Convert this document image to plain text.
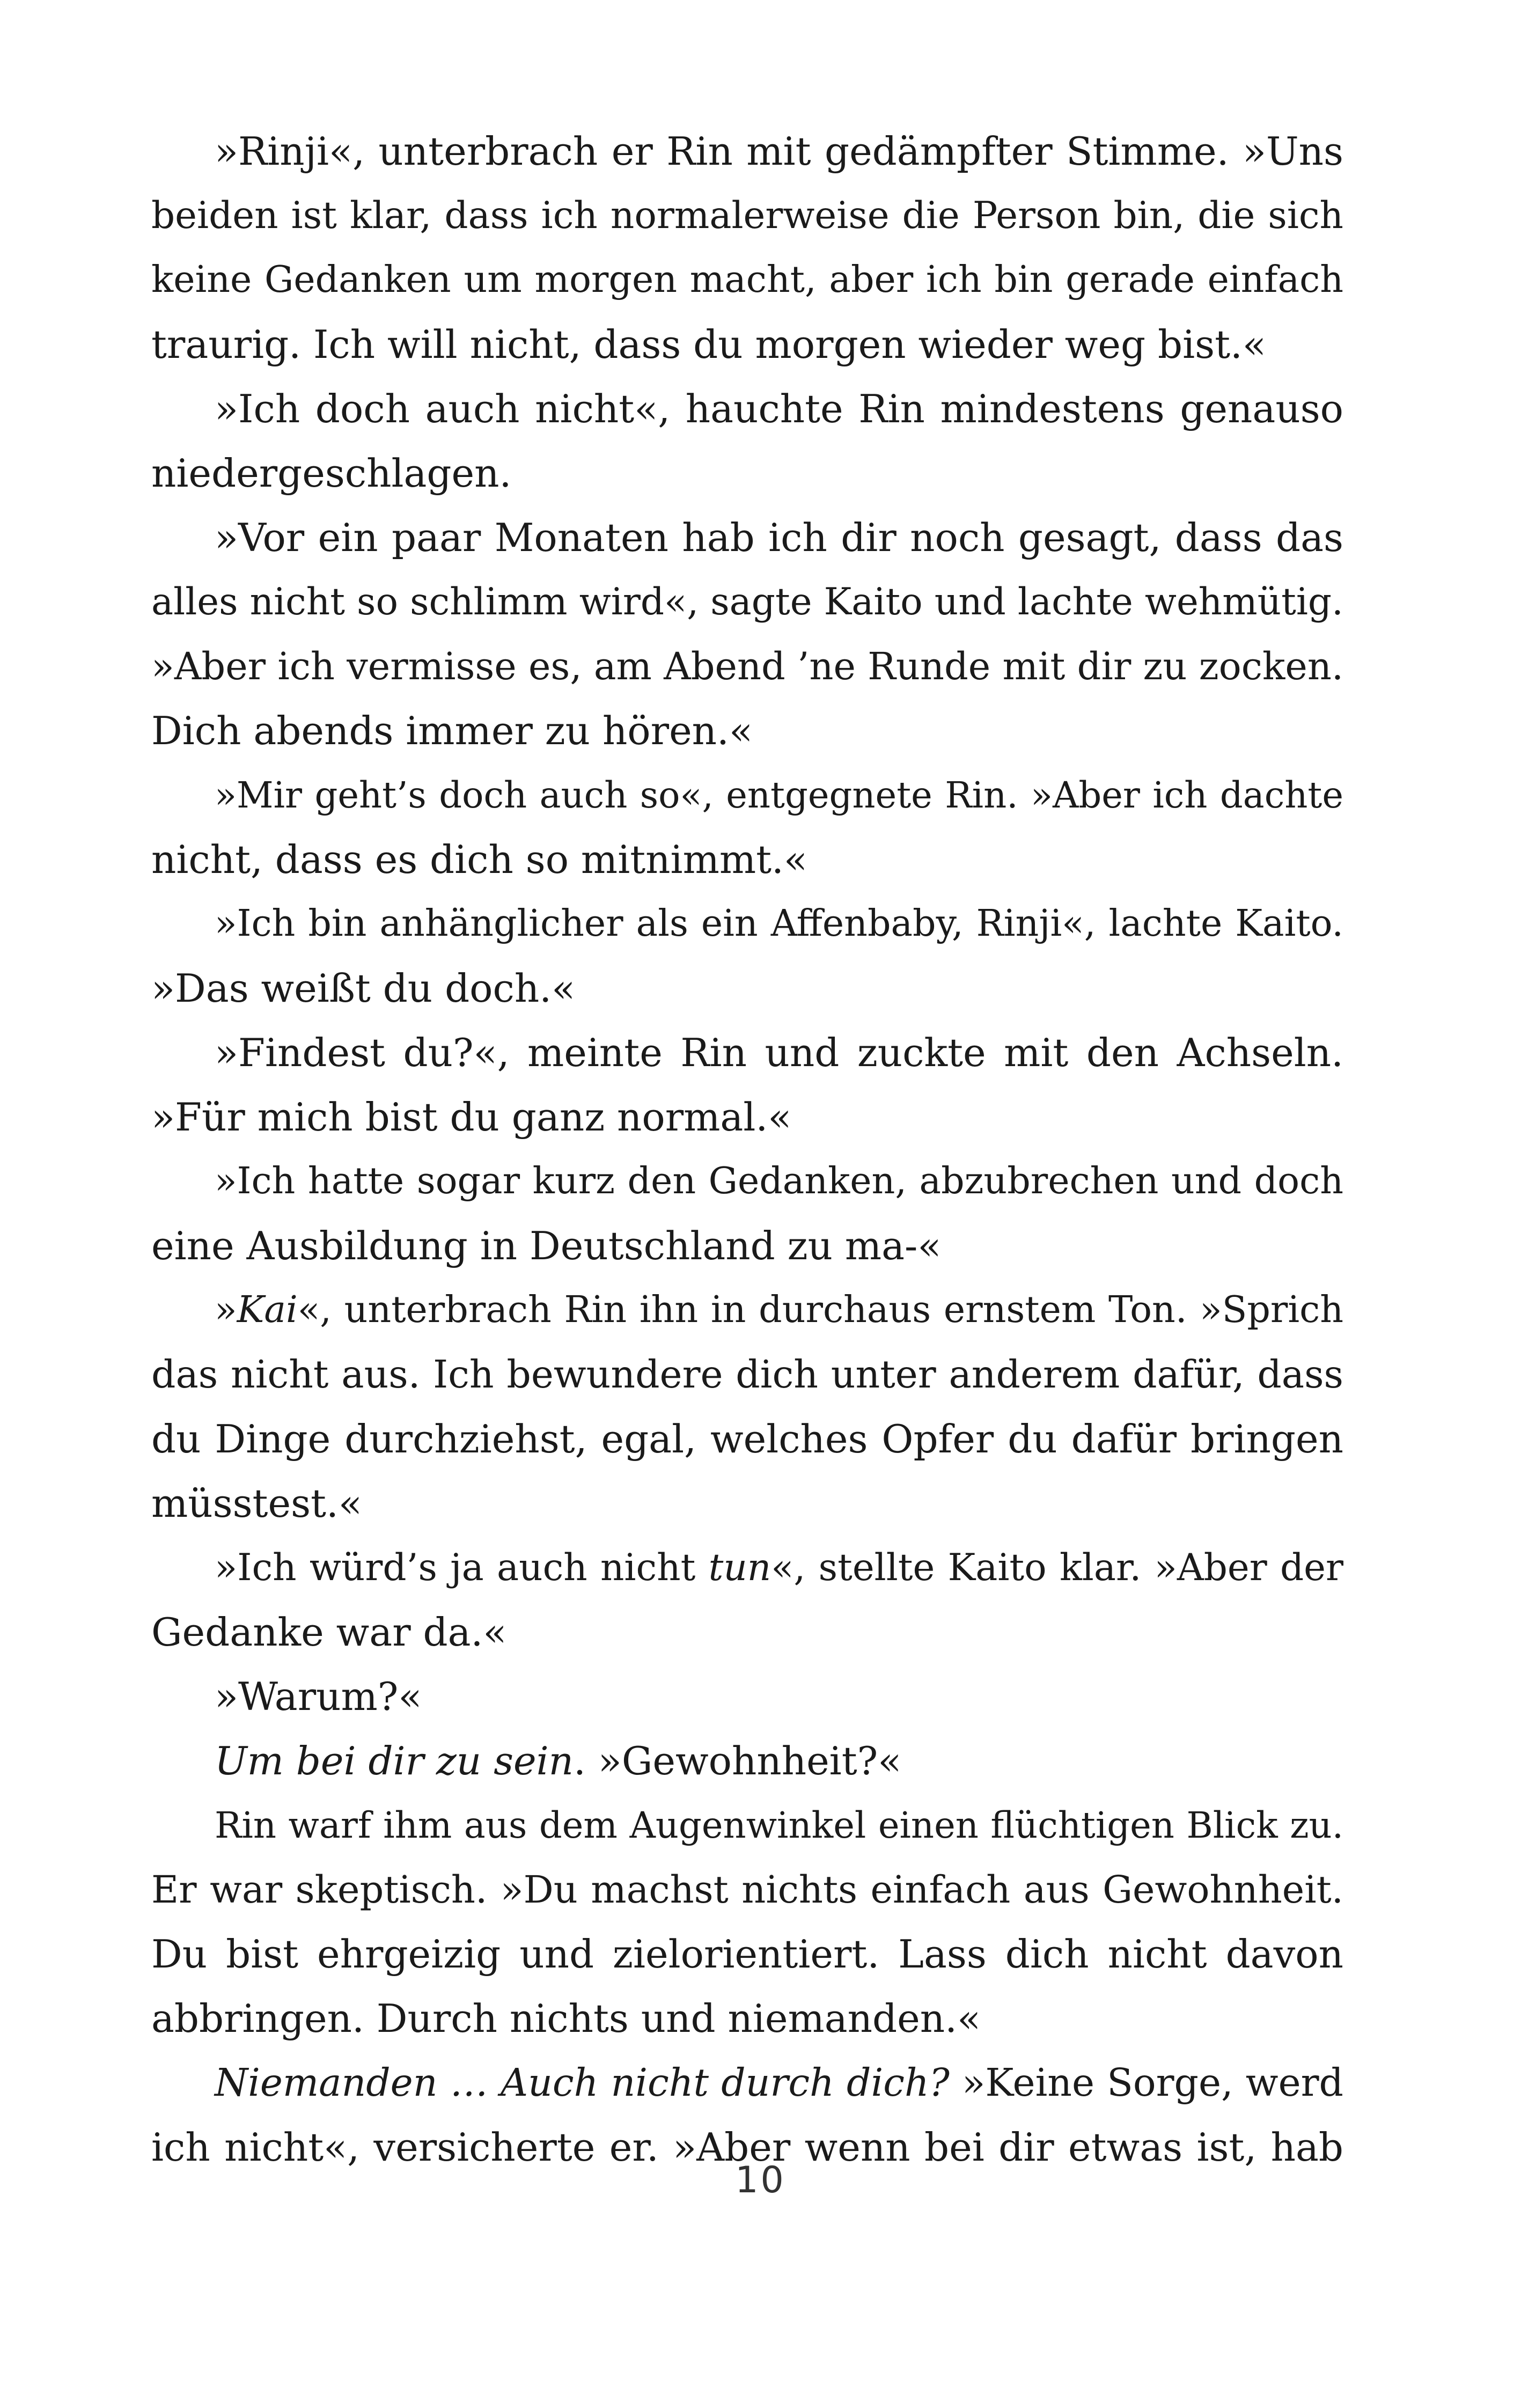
»Rinji«, unterbrach er Rin mit gedämpfter Stimme. »Uns
beiden ist klar, dass ich normalerweise die Person bin, die sich
keine Gedanken um morgen macht, aber ich bin gerade einfach
traurig. Ich will nicht, dass du morgen wieder weg bist.«
»Ich doch auch nicht«, hauchte Rin mindestens genauso
niedergeschlagen.
»Vor ein paar Monaten hab ich dir noch gesagt, dass das
alles nicht so schlimm wird«, sagte Kaito und lachte wehmütig.
»Aber ich vermisse es, am Abend ’ne Runde mit dir zu zocken.
Dich abends immer zu hören.«
»Mir geht’s doch auch so«, entgegnete Rin. »Aber ich dachte
nicht, dass es dich so mitnimmt.«
»Ich bin anhänglicher als ein Affenbaby, Rinji«, lachte Kaito.
»Das weißt du doch.«
»Findest du?«, meinte Rin und zuckte mit den Achseln.
»Für mich bist du ganz normal.«
»Ich hatte sogar kurz den Gedanken, abzubrechen und doch
eine Ausbildung in Deutschland zu ma-«
»Kai«, unterbrach Rin ihn in durchaus ernstem Ton. »Sprich
das nicht aus. Ich bewundere dich unter anderem dafür, dass
du Dinge durchziehst, egal, welches Opfer du dafür bringen
müsstest.«
»Ich würd’s ja auch nicht tun«, stellte Kaito klar. »Aber der
Gedanke war da.«
»Warum?«
Um bei dir zu sein. »Gewohnheit?«
Rin warf ihm aus dem Augenwinkel einen flüchtigen Blick zu.
Er war skeptisch. »Du machst nichts einfach aus Gewohnheit.
Du bist ehrgeizig und zielorientiert. Lass dich nicht davon
abbringen. Durch nichts und niemanden.«
Niemanden … Auch nicht durch dich? »Keine Sorge, werd
ich nicht«, versicherte er. »Aber wenn bei dir etwas ist, hab
10
